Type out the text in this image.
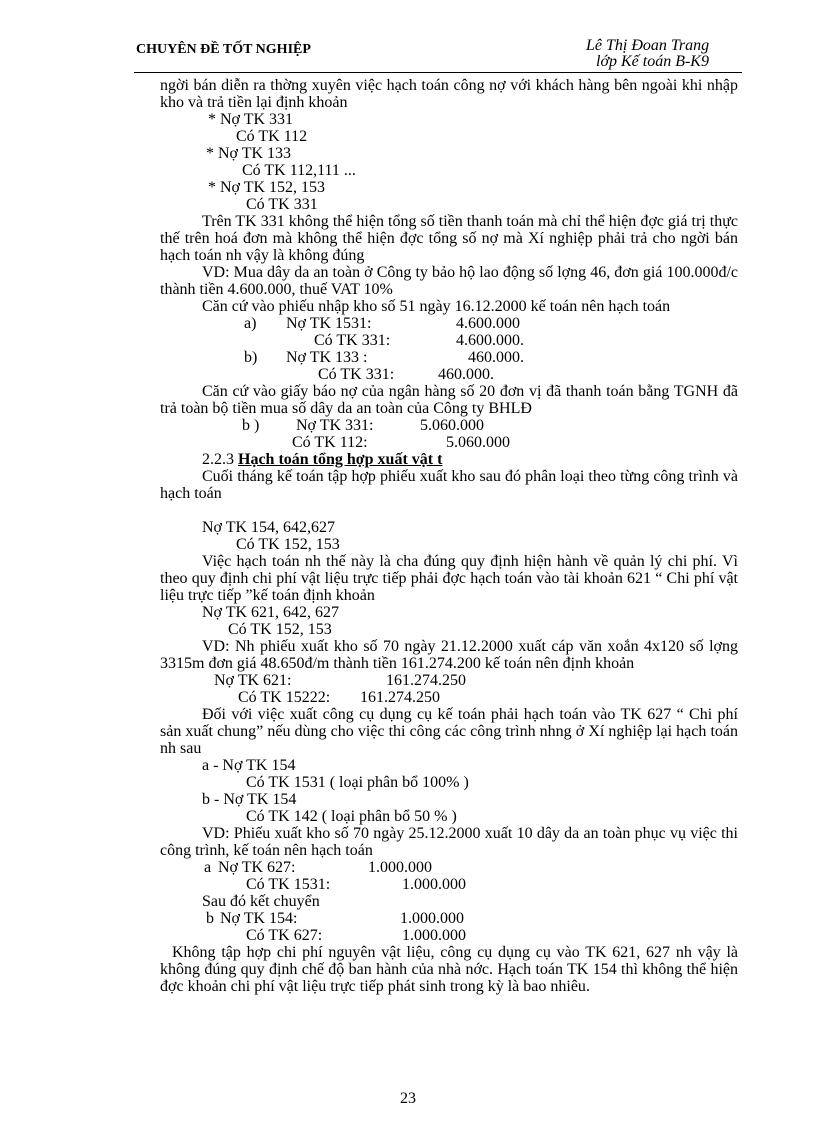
CHUYÊN ĐỀ TỐT NGHIỆP	Lê Thị Đoan Trang
lớp Kế toán B-K9
ngời bán diễn ra thờng xuyên việc hạch toán công nợ với khách hàng bên ngoài khi nhập kho và trả tiền lại định khoản
* Nợ TK 331
Có TK 112
* Nợ TK 133
Có TK 112,111 ...
* Nợ TK 152, 153
Có TK 331
Trên TK 331 không thể hiện tổng số tiền thanh toán mà chỉ thể hiện đợc giá trị thực thế trên hoá đơn mà không thể hiện đợc tổng số nợ mà Xí nghiệp phải trả cho ngời bán hạch toán nh vậy là không đúng
VD: Mua dây da an toàn ở Công ty bảo hộ lao động số lợng 46, đơn giá 100.000đ/c thành tiền 4.600.000, thuế VAT 10%
Căn cứ vào phiếu nhập kho số 51 ngày 16.12.2000 kế toán nên hạch toán
a)	Nợ TK 1531:	4.600.000
Có TK 331:	4.600.000.
b)	Nợ TK 133 :	460.000.
Có TK 331:	460.000.
Căn cứ vào giấy báo nợ của ngân hàng số 20 đơn vị đã thanh toán bằng TGNH đã trả toàn bộ tiền mua số dây da an toàn của Công ty BHLĐ
b )	Nợ TK 331:	5.060.000
Có TK 112:	5.060.000
2.2.3 Hạch toán tổng hợp xuất vật t
Cuối tháng kế toán tập hợp phiếu xuất kho sau đó phân loại theo từng công trình và hạch toán
Nợ TK 154, 642,627
Có TK 152, 153
Việc hạch toán nh thế này là cha đúng quy định hiện hành về quản lý chi phí. Vì theo quy định chi phí vật liệu trực tiếp phải đợc hạch toán vào tài khoản 621 “ Chi phí vật liệu trực tiếp ”kế toán định khoản
Nợ TK 621, 642, 627
Có TK 152, 153
VD: Nh phiếu xuất kho số 70 ngày 21.12.2000 xuất cáp văn xoắn 4x120 số lợng 3315m đơn giá 48.650đ/m thành tiền 161.274.200 kế toán nên định khoản
Nợ TK 621:	161.274.250
Có TK 15222:	161.274.250
Đối với việc xuất công cụ dụng cụ kế toán phải hạch toán vào TK 627 “ Chi phí sản xuất chung” nếu dùng cho việc thi công các công trình nhng ở Xí nghiệp lại hạch toán nh sau
a - Nợ TK 154
Có TK 1531 ( loại phân bổ 100% )
b - Nợ TK 154
Có TK 142 ( loại phân bổ 50 % )
VD: Phiếu xuất kho số 70 ngày 25.12.2000 xuất 10 dây da an toàn phục vụ việc thi công trình, kế toán nên hạch toán
a Nợ TK 627:	1.000.000
Có TK 1531:	1.000.000
Sau đó kết chuyển
b Nợ TK 154:	1.000.000
Có TK 627:	1.000.000
Không tập hợp chi phí nguyên vật liệu, công cụ dụng cụ vào TK 621, 627 nh vậy là không đúng quy định chế độ ban hành của nhà nớc. Hạch toán TK 154 thì không thể hiện đợc khoản chi phí vật liệu trực tiếp phát sinh trong kỳ là bao nhiêu.
23
